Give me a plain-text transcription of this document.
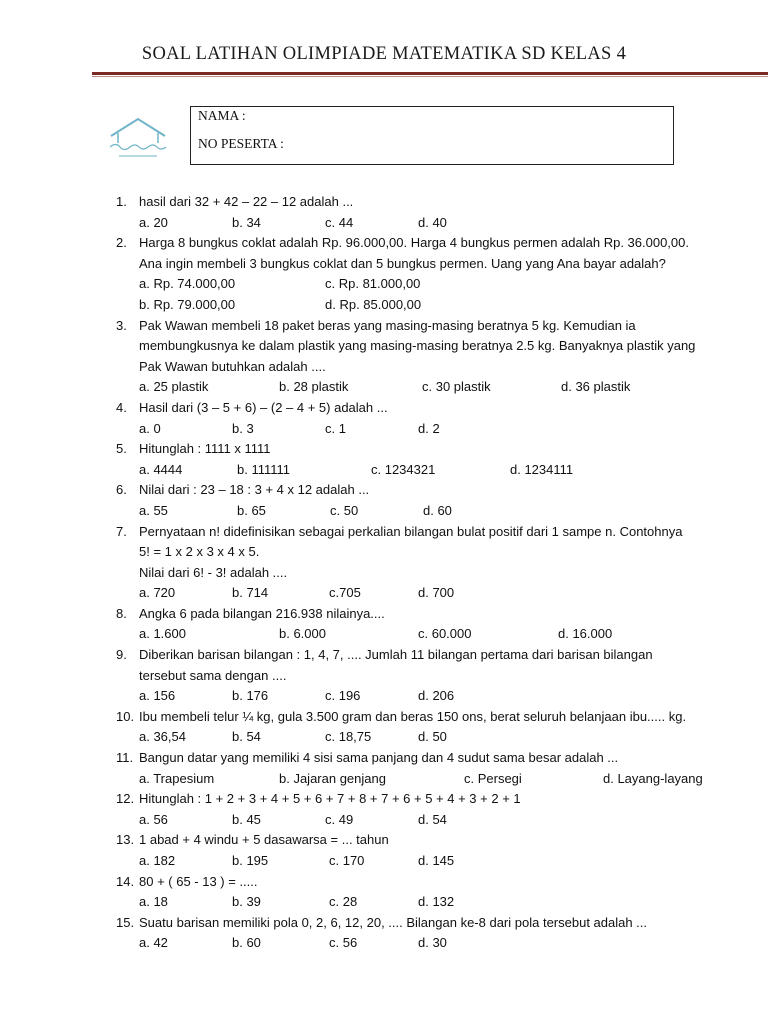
SOAL LATIHAN OLIMPIADE MATEMATIKA SD KELAS 4
NAMA :
NO PESERTA :
1. hasil dari 32 + 42 – 22 – 12 adalah ...
a. 20	b. 34	c. 44	d. 40
2. Harga 8 bungkus coklat adalah Rp. 96.000,00. Harga 4 bungkus permen adalah Rp. 36.000,00.
Ana ingin membeli 3 bungkus coklat dan 5 bungkus permen. Uang yang Ana bayar adalah?
a. Rp. 74.000,00	c. Rp. 81.000,00
b. Rp. 79.000,00	d. Rp. 85.000,00
3. Pak Wawan membeli 18 paket beras yang masing-masing beratnya 5 kg. Kemudian ia
membungkusnya ke dalam plastik yang masing-masing beratnya 2.5 kg. Banyaknya plastik yang
Pak Wawan butuhkan adalah ....
a. 25 plastik	b. 28 plastik	c. 30 plastik	d. 36 plastik
4. Hasil dari (3 – 5 + 6) – (2 – 4 + 5) adalah ...
a. 0	b. 3	c. 1	d. 2
5. Hitunglah : 1111 x 1111
a. 4444	b. 111111	c. 1234321	d. 1234111
6. Nilai dari : 23 – 18 : 3 + 4 x 12 adalah ...
a. 55	b. 65	c. 50	d. 60
7. Pernyataan n! didefinisikan sebagai perkalian bilangan bulat positif dari 1 sampe n. Contohnya
5! = 1 x 2 x 3 x 4 x 5.
Nilai dari 6! - 3! adalah ....
a. 720	b. 714	c.705	d. 700
8. Angka 6 pada bilangan 216.938 nilainya....
a. 1.600	b. 6.000	c. 60.000	d. 16.000
9. Diberikan barisan bilangan : 1, 4, 7, .... Jumlah 11 bilangan pertama dari barisan bilangan
tersebut sama dengan ....
a. 156	b. 176	c. 196	d. 206
10. Ibu membeli telur ¼ kg, gula 3.500 gram dan beras 150 ons, berat seluruh belanjaan ibu..... kg.
a. 36,54	b. 54	c. 18,75	d. 50
11. Bangun datar yang memiliki 4 sisi sama panjang dan 4 sudut sama besar adalah ...
a. Trapesium	b. Jajaran genjang	c. Persegi	d. Layang-layang
12. Hitunglah : 1 + 2 + 3 + 4 + 5 + 6 + 7 + 8 + 7 + 6 + 5 + 4 + 3 + 2 + 1
a. 56	b. 45	c. 49	d. 54
13. 1 abad + 4 windu + 5 dasawarsa = ... tahun
a. 182	b. 195	c. 170	d. 145
14. 80 + ( 65 - 13 ) = .....
a. 18	b. 39	c. 28	d. 132
15. Suatu barisan memiliki pola 0, 2, 6, 12, 20, .... Bilangan ke-8 dari pola tersebut adalah ...
a. 42	b. 60	c. 56	d. 30
